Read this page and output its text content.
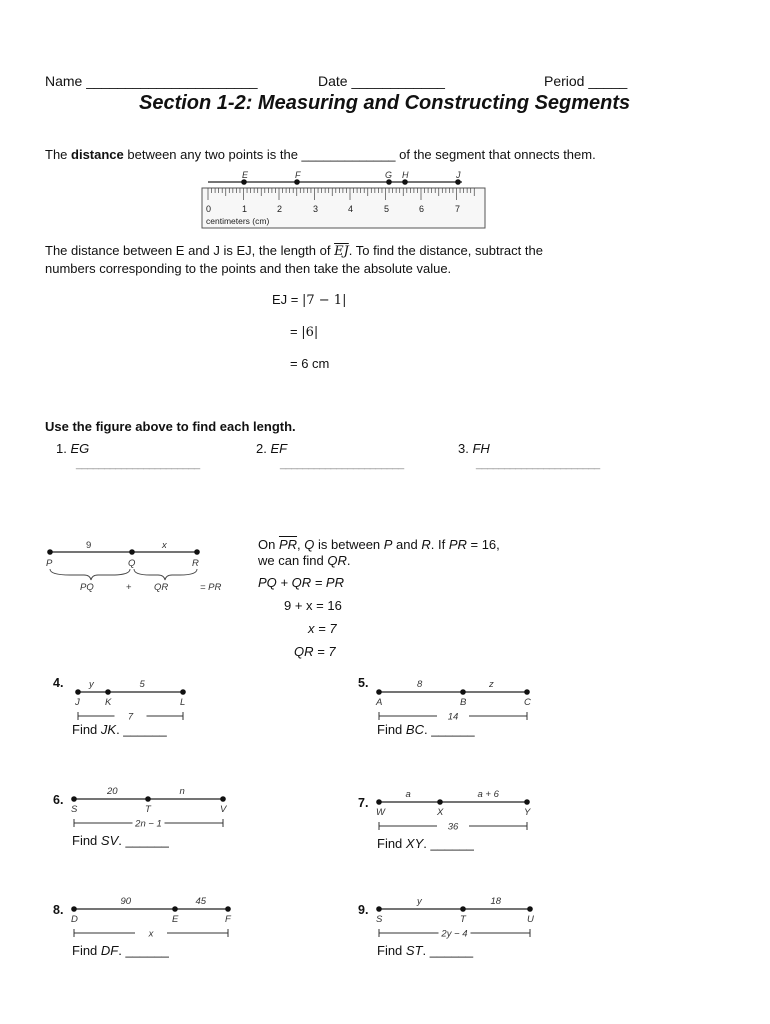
Name ______________________	Date ____________	Period _____
Section 1-2: Measuring and Constructing Segments
The distance between any two points is the _____________ of the segment that onnects them.
E	F	G H	J
0	1	2	3	4	5	6	7
centimeters (cm)
The distance between E and J is EJ, the length of $\overline{EJ}$. To find the distance, subtract the
numbers corresponding to the points and then take the absolute value.
EJ = |7 − 1|
= |6|
= 6 cm
Use the figure above to find each length.
1. EG
______________________
2. EF
______________________
3. FH
______________________
9	x
P	Q	R
PQ	+ QR	= PR
On $\overline{PR}$, Q is between P and R. If PR = 16,
we can find QR.
PQ + QR = PR
9 + x = 16
x = 7
QR = 7
4.	y	5
J	K	L
7
Find JK. ______
5.	8	z
A	B	C
14
Find BC. ______
6.
20	n
S	T	V
2n − 1
Find SV. ______
7.
a	a + 6
W	X	Y
36
Find XY. ______
8.
90	45
D	E	F
x
Find DF. ______
9.
y	18
S	T	U
2y − 4
Find ST. ______
